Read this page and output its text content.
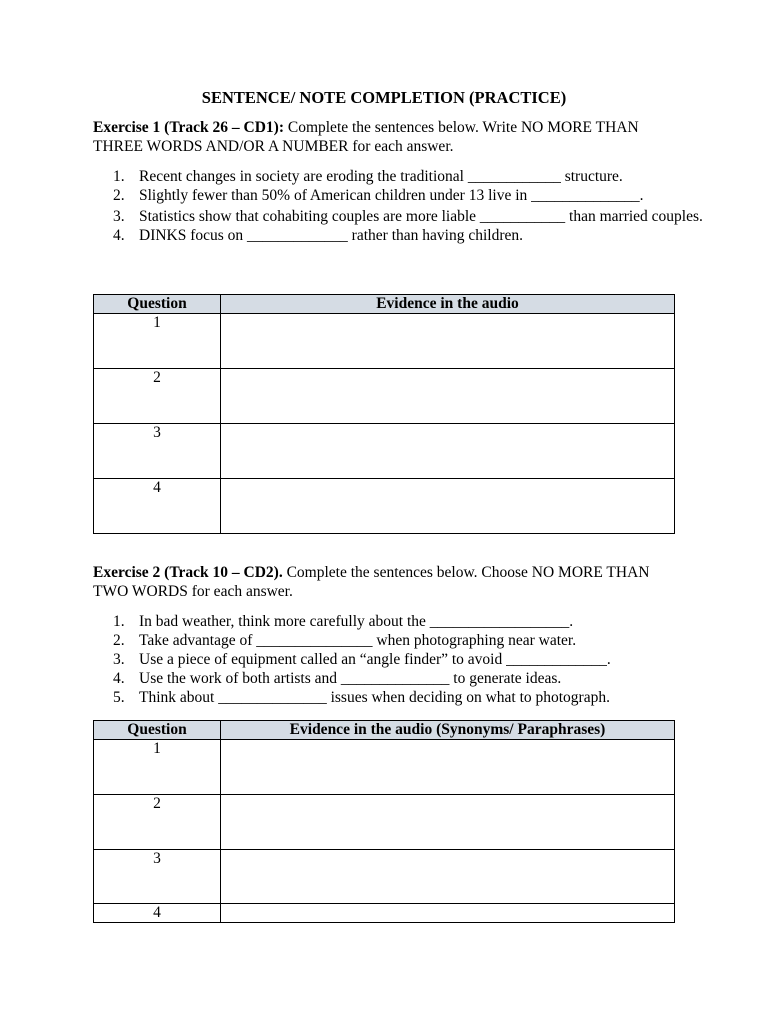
SENTENCE/ NOTE COMPLETION (PRACTICE)
Exercise 1 (Track 26 – CD1): Complete the sentences below. Write NO MORE THAN THREE WORDS AND/OR A NUMBER for each answer.
1. Recent changes in society are eroding the traditional ____________ structure.
2. Slightly fewer than 50% of American children under 13 live in ______________.
3. Statistics show that cohabiting couples are more liable ___________ than married couples.
4. DINKS focus on _____________ rather than having children.
Question	Evidence in the audio
1	
2	
3	
4	
Exercise 2 (Track 10 – CD2). Complete the sentences below. Choose NO MORE THAN TWO WORDS for each answer.
1. In bad weather, think more carefully about the __________________.
2. Take advantage of _______________ when photographing near water.
3. Use a piece of equipment called an “angle finder” to avoid _____________.
4. Use the work of both artists and ______________ to generate ideas.
5. Think about ______________ issues when deciding on what to photograph.
Question	Evidence in the audio (Synonyms/ Paraphrases)
1	
2	
3	
4	
